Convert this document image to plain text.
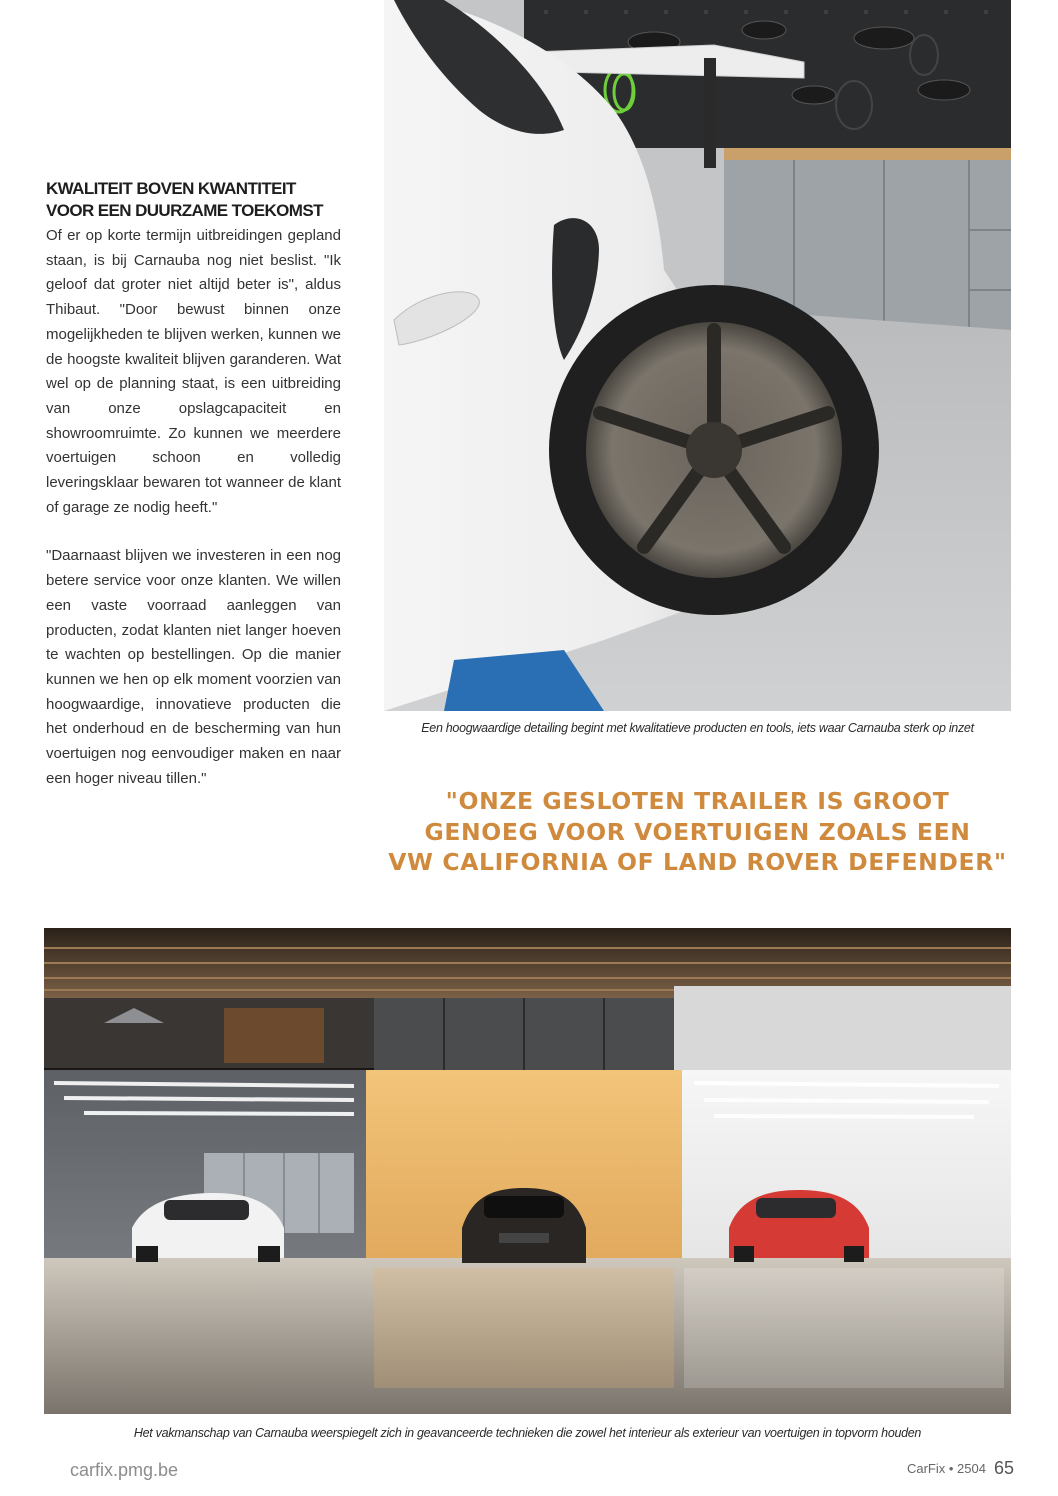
KWALITEIT BOVEN KWANTITEIT
VOOR EEN DUURZAME TOEKOMST

Of er op korte termijn uitbreidingen gepland staan, is bij Carnauba nog niet beslist. "Ik geloof dat groter niet altijd beter is", aldus Thibaut. "Door bewust binnen onze mogelijkheden te blijven werken, kunnen we de hoogste kwaliteit blijven garanderen. Wat wel op de planning staat, is een uitbreiding van onze opslagcapaciteit en showroomruimte. Zo kunnen we meerdere voertuigen schoon en volledig leveringsklaar bewaren tot wanneer de klant of garage ze nodig heeft."

"Daarnaast blijven we investeren in een nog betere service voor onze klanten. We willen een vaste voorraad aanleggen van producten, zodat klanten niet langer hoeven te wachten op bestellingen. Op die manier kunnen we hen op elk moment voorzien van hoogwaardige, innovatieve producten die het onderhoud en de bescherming van hun voertuigen nog eenvoudiger maken en naar een hoger niveau tillen."

Een hoogwaardige detailing begint met kwalitatieve producten en tools, iets waar Carnauba sterk op inzet
"ONZE GESLOTEN TRAILER IS GROOT
GENOEG VOOR VOERTUIGEN ZOALS EEN
VW CALIFORNIA OF LAND ROVER DEFENDER"
Het vakmanschap van Carnauba weerspiegelt zich in geavanceerde technieken die zowel het interieur als exterieur van voertuigen in topvorm houden
carfix.pmg.be	CarFix • 2504 65
